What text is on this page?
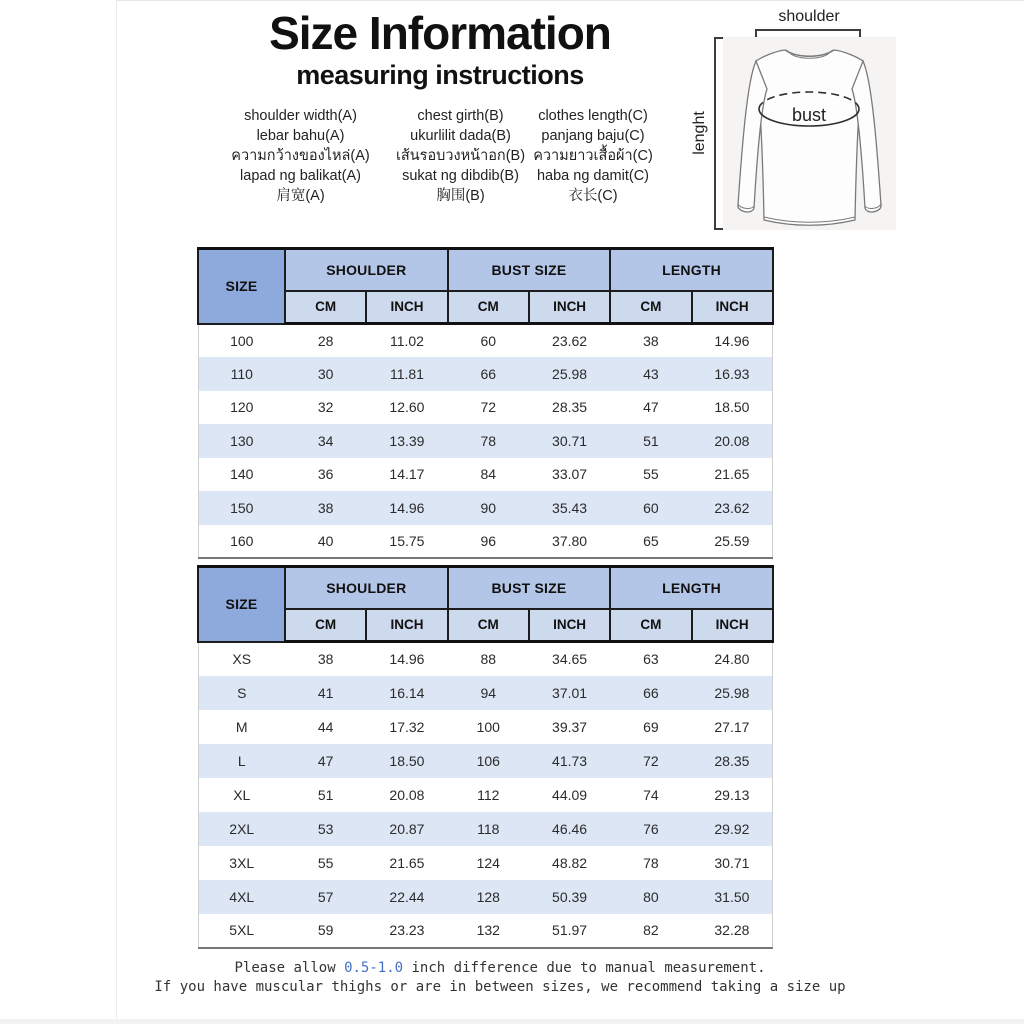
Size Information
measuring instructions
shoulder width(A)
lebar bahu(A)
ความกว้างของไหล่(A)
lapad ng balikat(A)
肩宽(A)
chest girth(B)
ukurlilit dada(B)
เส้นรอบวงหน้าอก(B)
sukat ng dibdib(B)
胸围(B)
clothes length(C)
panjang baju(C)
ความยาวเสื้อผ้า(C)
haba ng damit(C)
衣长(C)
shoulder
lenght	bust
SIZE	SHOULDER		BUST SIZE		LENGTH	
	CM	INCH	CM	INCH	CM	INCH
100	28	11.02	60	23.62	38	14.96
110	30	11.81	66	25.98	43	16.93
120	32	12.60	72	28.35	47	18.50
130	34	13.39	78	30.71	51	20.08
140	36	14.17	84	33.07	55	21.65
150	38	14.96	90	35.43	60	23.62
160	40	15.75	96	37.80	65	25.59
SIZE	SHOULDER		BUST SIZE		LENGTH	
	CM	INCH	CM	INCH	CM	INCH
XS	38	14.96	88	34.65	63	24.80
S	41	16.14	94	37.01	66	25.98
M	44	17.32	100	39.37	69	27.17
L	47	18.50	106	41.73	72	28.35
XL	51	20.08	112	44.09	74	29.13
2XL	53	20.87	118	46.46	76	29.92
3XL	55	21.65	124	48.82	78	30.71
4XL	57	22.44	128	50.39	80	31.50
5XL	59	23.23	132	51.97	82	32.28
Please allow 0.5-1.0 inch difference due to manual measurement.
If you have muscular thighs or are in between sizes, we recommend taking a size up
